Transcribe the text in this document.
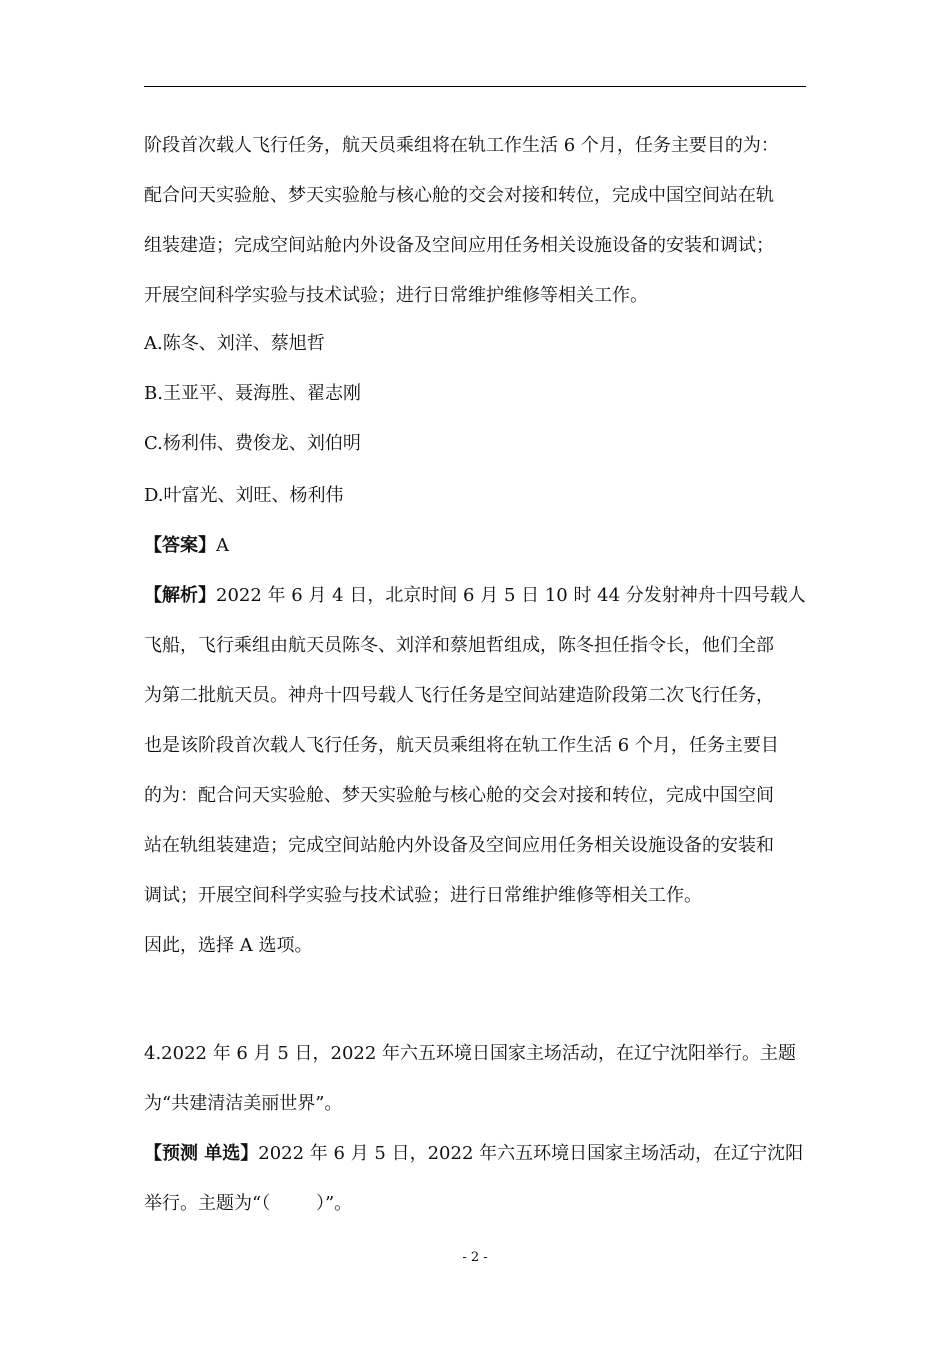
阶段首次载人飞行任务，航天员乘组将在轨工作生活 6 个月，任务主要目的为：
配合问天实验舱、梦天实验舱与核心舱的交会对接和转位，完成中国空间站在轨
组装建造；完成空间站舱内外设备及空间应用任务相关设施设备的安装和调试；
开展空间科学实验与技术试验；进行日常维护维修等相关工作。
A.陈冬、刘洋、蔡旭哲
B.王亚平、聂海胜、翟志刚
C.杨利伟、费俊龙、刘伯明
D.叶富光、刘旺、杨利伟
【答案】A
【解析】2022 年 6 月 4 日，北京时间 6 月 5 日 10 时 44 分发射神舟十四号载人
飞船，飞行乘组由航天员陈冬、刘洋和蔡旭哲组成，陈冬担任指令长，他们全部
为第二批航天员。神舟十四号载人飞行任务是空间站建造阶段第二次飞行任务，
也是该阶段首次载人飞行任务，航天员乘组将在轨工作生活 6 个月，任务主要目
的为：配合问天实验舱、梦天实验舱与核心舱的交会对接和转位，完成中国空间
站在轨组装建造；完成空间站舱内外设备及空间应用任务相关设施设备的安装和
调试；开展空间科学实验与技术试验；进行日常维护维修等相关工作。
因此，选择 A 选项。
4.2022 年 6 月 5 日，2022 年六五环境日国家主场活动，在辽宁沈阳举行。主题
为“共建清洁美丽世界”。
【预测 单选】2022 年 6 月 5 日，2022 年六五环境日国家主场活动，在辽宁沈阳
举行。主题为“（        ）”。
- 2 -
